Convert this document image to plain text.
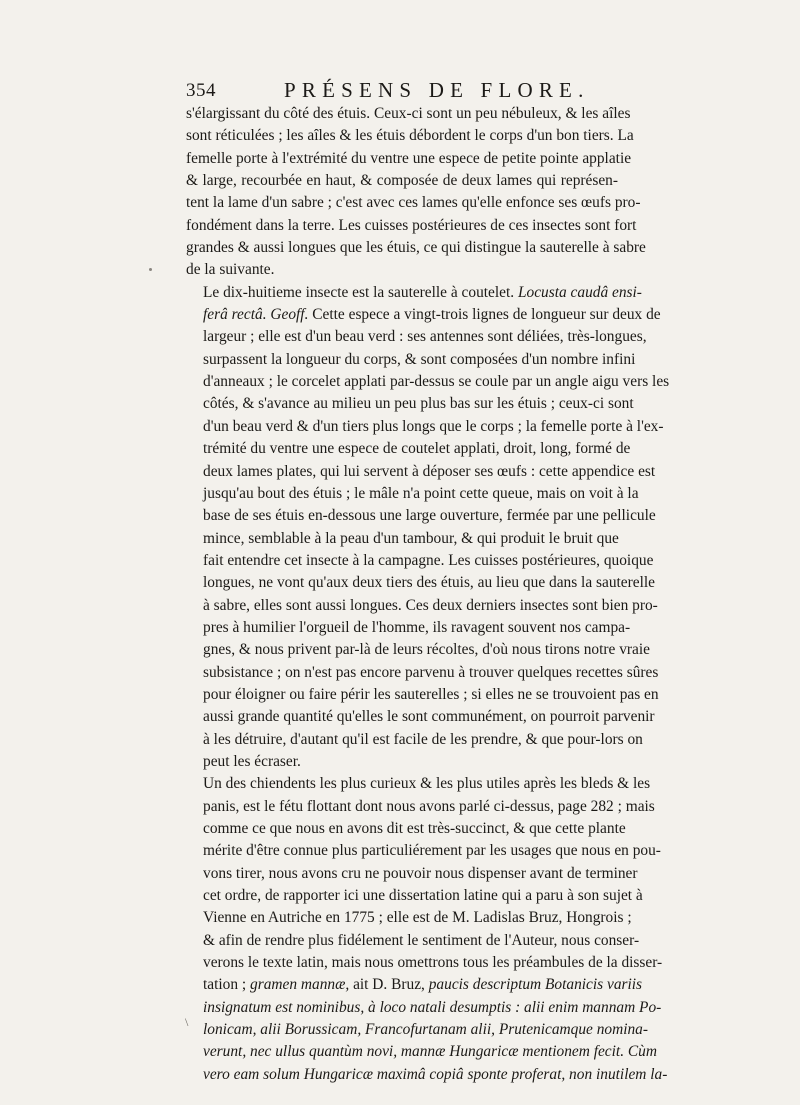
354	PRÉSENS DE FLORE.
s'élargissant du côté des étuis. Ceux-ci sont un peu nébuleux, & les aîles
sont réticulées ; les aîles & les étuis débordent le corps d'un bon tiers. La
femelle porte à l'extrémité du ventre une espece de petite pointe applatie
& large, recourbée en haut, & composée de deux lames qui représen-
tent la lame d'un sabre ; c'est avec ces lames qu'elle enfonce ses œufs pro-
fondément dans la terre. Les cuisses postérieures de ces insectes sont fort
grandes & aussi longues que les étuis, ce qui distingue la sauterelle à sabre
de la suivante.
Le dix-huitieme insecte est la sauterelle à coutelet. Locusta caudâ ensi-
ferâ rectâ. Geoff. Cette espece a vingt-trois lignes de longueur sur deux de
largeur ; elle est d'un beau verd : ses antennes sont déliées, très-longues,
surpassent la longueur du corps, & sont composées d'un nombre infini
d'anneaux ; le corcelet applati par-dessus se coule par un angle aigu vers les
côtés, & s'avance au milieu un peu plus bas sur les étuis ; ceux-ci sont
d'un beau verd & d'un tiers plus longs que le corps ; la femelle porte à l'ex-
trémité du ventre une espece de coutelet applati, droit, long, formé de
deux lames plates, qui lui servent à déposer ses œufs : cette appendice est
jusqu'au bout des étuis ; le mâle n'a point cette queue, mais on voit à la
base de ses étuis en-dessous une large ouverture, fermée par une pellicule
mince, semblable à la peau d'un tambour, & qui produit le bruit que
fait entendre cet insecte à la campagne. Les cuisses postérieures, quoique
longues, ne vont qu'aux deux tiers des étuis, au lieu que dans la sauterelle
à sabre, elles sont aussi longues. Ces deux derniers insectes sont bien pro-
pres à humilier l'orgueil de l'homme, ils ravagent souvent nos campa-
gnes, & nous privent par-là de leurs récoltes, d'où nous tirons notre vraie
subsistance ; on n'est pas encore parvenu à trouver quelques recettes sûres
pour éloigner ou faire périr les sauterelles ; si elles ne se trouvoient pas en
aussi grande quantité qu'elles le sont communément, on pourroit parvenir
à les détruire, d'autant qu'il est facile de les prendre, & que pour-lors on
peut les écraser.
Un des chiendents les plus curieux & les plus utiles après les bleds & les
panis, est le fétu flottant dont nous avons parlé ci-dessus, page 282 ; mais
comme ce que nous en avons dit est très-succinct, & que cette plante
mérite d'être connue plus particuliérement par les usages que nous en pou-
vons tirer, nous avons cru ne pouvoir nous dispenser avant de terminer
cet ordre, de rapporter ici une dissertation latine qui a paru à son sujet à
Vienne en Autriche en 1775 ; elle est de M. Ladislas Bruz, Hongrois ;
& afin de rendre plus fidélement le sentiment de l'Auteur, nous conser-
verons le texte latin, mais nous omettrons tous les préambules de la disser-
tation ; gramen mannæ, ait D. Bruz, paucis descriptum Botanicis variis
insignatum est nominibus, à loco natali desumptis : alii enim mannam Po-
lonicam, alii Borussicam, Francofurtanam alii, Prutenicamque nomina-
verunt, nec ullus quantùm novi, mannæ Hungaricæ mentionem fecit. Cùm
vero eam solum Hungaricæ maximâ copiâ sponte proferat, non inutilem la-
\
